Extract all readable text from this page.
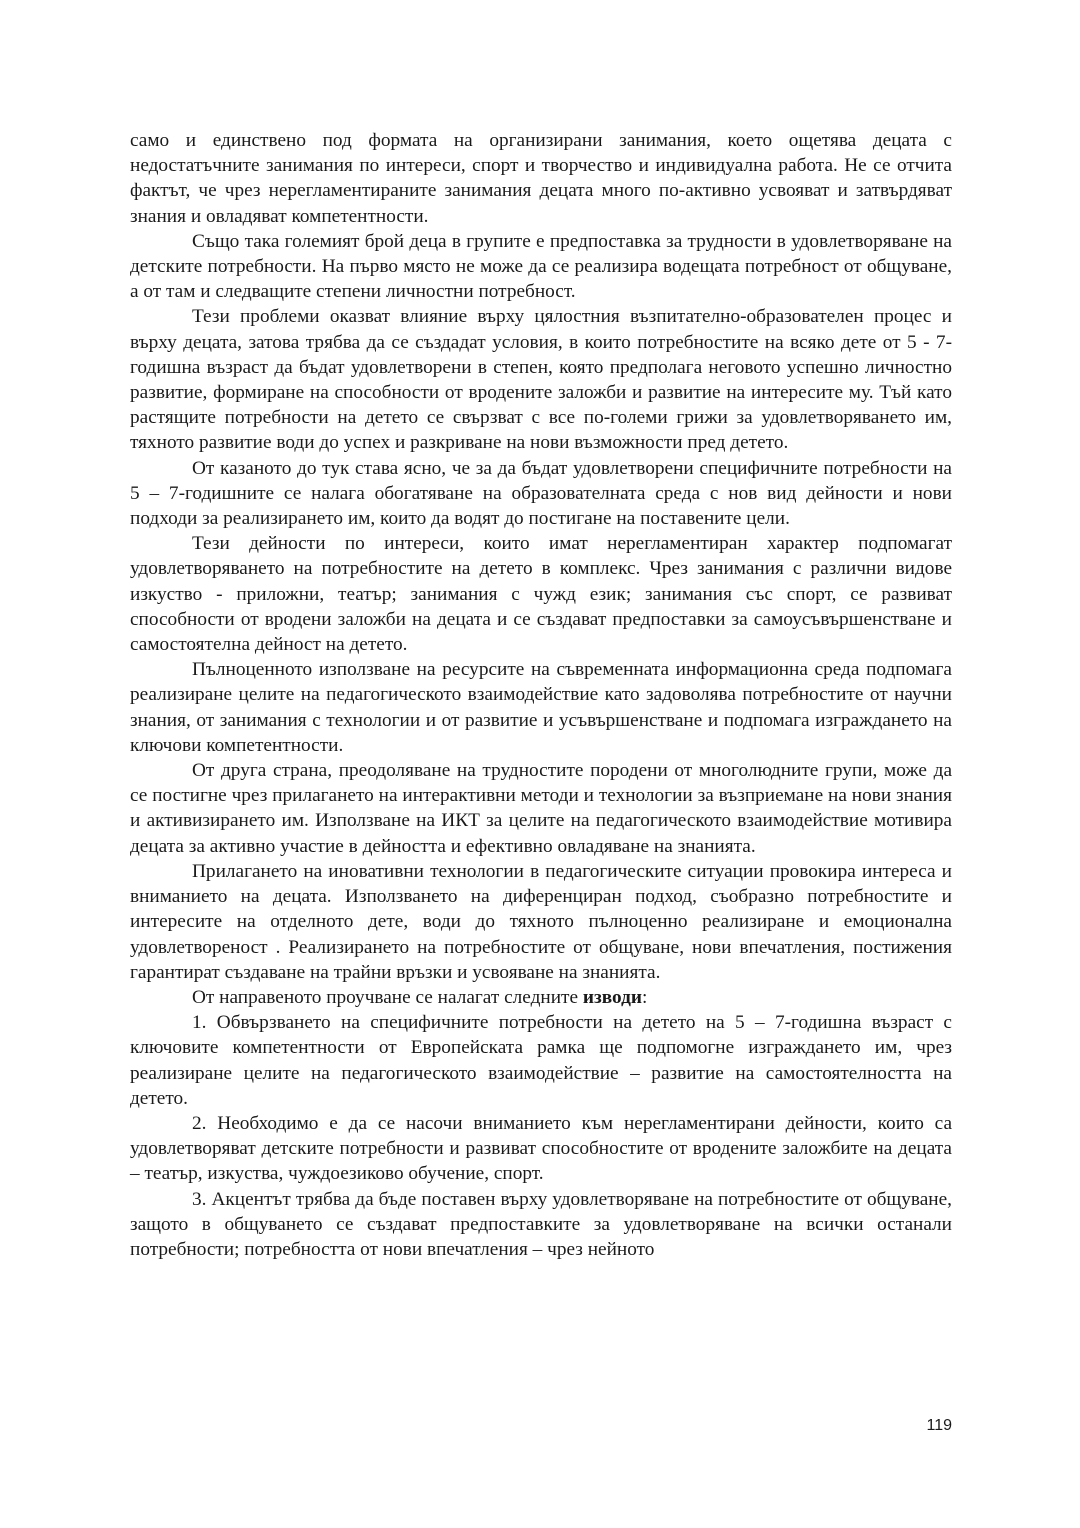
само и единствено под формата на организирани занимания, което ощетява децата с недостатъчните занимания по интереси, спорт и творчество и индивидуална работа. Не се отчита фактът, че чрез нерегламентираните занимания децата много по-активно усвояват и затвърдяват знания и овладяват компетентности.

Също така големият брой деца в групите е предпоставка за трудности в удовлетворяване на детските потребности. На първо място не може да се реализира водещата потребност от общуване, а от там и следващите степени личностни потребност.

Тези проблеми оказват влияние върху цялостния възпитателно-образователен процес и върху децата, затова трябва да се създадат условия, в които потребностите на всяко дете от 5 - 7-годишна възраст да бъдат удовлетворени в степен, която предполага неговото успешно личностно развитие, формиране на способности от вродените заложби и развитие на интересите му. Тъй като растящите потребности на детето се свързват с все по-големи грижи за удовлетворяването им, тяхното развитие води до успех и разкриване на нови възможности пред детето.

От казаното до тук става ясно, че за да бъдат удовлетворени специфичните потребности на 5 – 7-годишните се налага обогатяване на образователната среда с нов вид дейности и нови подходи за реализирането им, които да водят до постигане на поставените цели.

Тези дейности по интереси, които имат нерегламентиран характер подпомагат удовлетворяването на потребностите на детето в комплекс. Чрез занимания с различни видове изкуство - приложни, театър; занимания с чужд език; занимания със спорт, се развиват способности от вродени заложби на децата и се създават предпоставки за самоусъвършенстване и самостоятелна дейност на детето.

Пълноценното използване на ресурсите на съвременната информационна среда подпомага реализиране целите на педагогическото взаимодействие като задоволява потребностите от научни знания, от занимания с технологии и от развитие и усъвършенстване и подпомага изграждането на ключови компетентности.

От друга страна, преодоляване на трудностите породени от многолюдните групи, може да се постигне чрез прилагането на интерактивни методи и технологии за възприемане на нови знания и активизирането им. Използване на ИКТ за целите на педагогическото взаимодействие мотивира децата за активно участие в дейността и ефективно овладяване на знанията.

Прилагането на иновативни технологии в педагогическите ситуации провокира интереса и вниманието на децата. Използването на диференциран подход, съобразно потребностите и интересите на отделното дете, води до тяхното пълноценно реализиране и емоционална удовлетвореност . Реализирането на потребностите от общуване, нови впечатления, постижения гарантират създаване на трайни връзки и усвояване на знанията.

От направеното проучване се налагат следните изводи:

1. Обвързването на специфичните потребности на детето на 5 – 7-годишна възраст с ключовите компетентности от Европейската рамка ще подпомогне изграждането им, чрез реализиране целите на педагогическото взаимодействие – развитие на самостоятелността на детето.

2. Необходимо е да се насочи вниманието към нерегламентирани дейности, които са удовлетворяват детските потребности и развиват способностите от вродените заложбите на децата – театър, изкуства, чуждоезиково обучение, спорт.

3. Акцентът трябва да бъде поставен върху удовлетворяване на потребностите от общуване, защото в общуването се създават предпоставките за удовлетворяване на всички останали потребности; потребността от нови впечатления – чрез нейното

119
